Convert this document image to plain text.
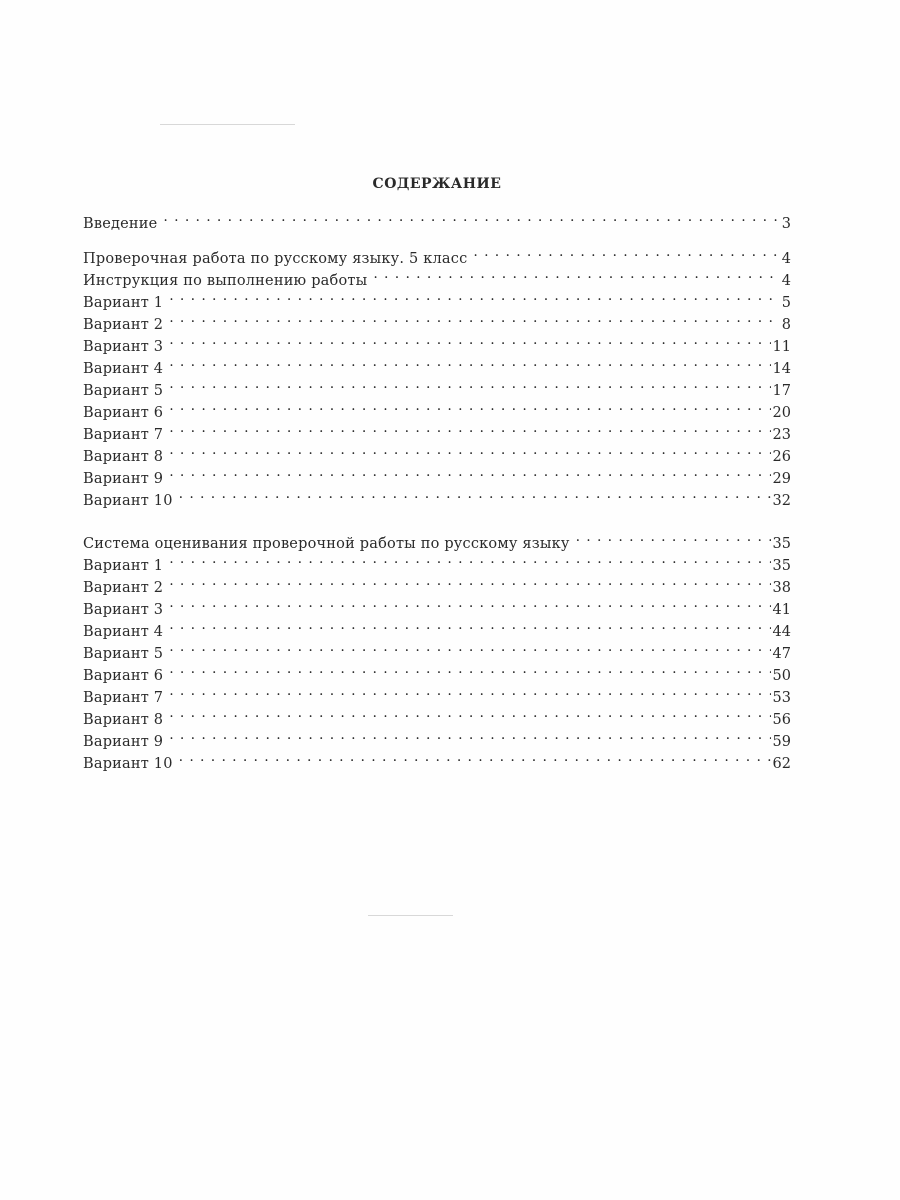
СОДЕРЖАНИЕ
Введение . . .	3
Проверочная работа по русскому языку. 5 класс . . .	4
Инструкция по выполнению работы . . .	4
Вариант 1 . . .	5
Вариант 2 . . .	8
Вариант 3 . . .	11
Вариант 4 . . .	14
Вариант 5 . . .	17
Вариант 6 . . .	20
Вариант 7 . . .	23
Вариант 8 . . .	26
Вариант 9 . . .	29
Вариант 10 . . .	32
Система оценивания проверочной работы по русскому языку . . .	35
Вариант 1 . . .	35
Вариант 2 . . .	38
Вариант 3 . . .	41
Вариант 4 . . .	44
Вариант 5 . . .	47
Вариант 6 . . .	50
Вариант 7 . . .	53
Вариант 8 . . .	56
Вариант 9 . . .	59
Вариант 10 . . .	62
